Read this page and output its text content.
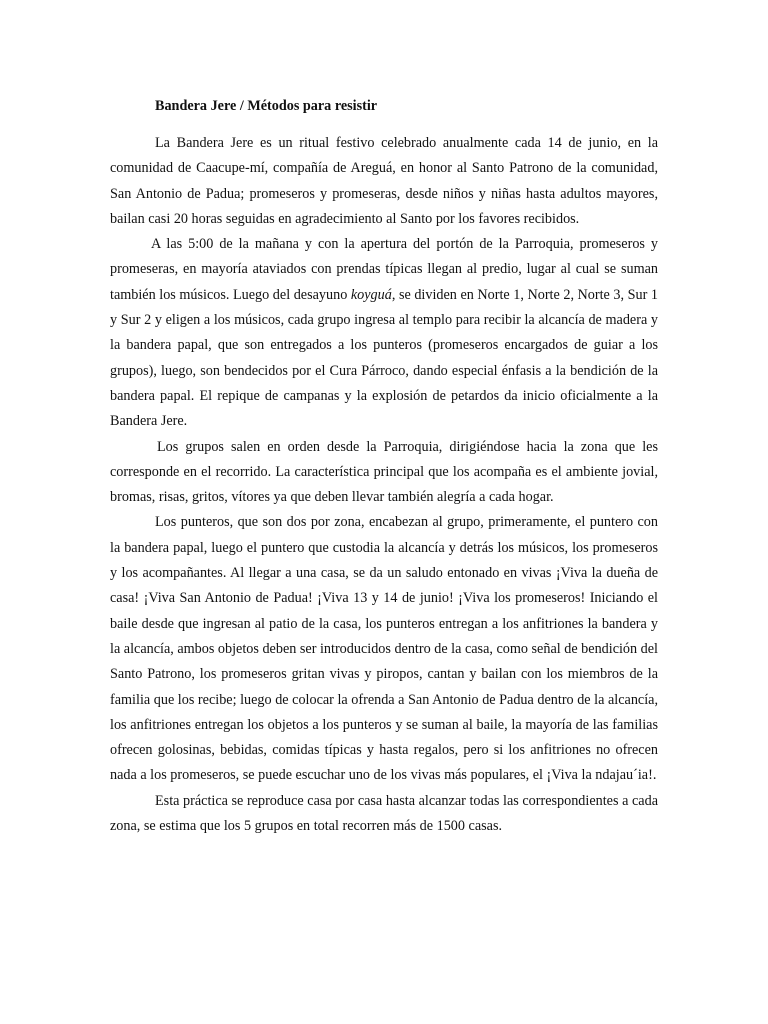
Bandera Jere / Métodos para resistir

La Bandera Jere es un ritual festivo celebrado anualmente cada 14 de junio, en la comunidad de Caacupe-mí, compañía de Areguá, en honor al Santo Patrono de la comunidad, San Antonio de Padua; promeseros y promeseras, desde niños y niñas hasta adultos mayores, bailan casi 20 horas seguidas en agradecimiento al Santo por los favores recibidos.

A las 5:00 de la mañana y con la apertura del portón de la Parroquia, promeseros y promeseras, en mayoría ataviados con prendas típicas llegan al predio, lugar al cual se suman también los músicos. Luego del desayuno koyguá, se dividen en Norte 1, Norte 2, Norte 3, Sur 1 y Sur 2 y eligen a los músicos, cada grupo ingresa al templo para recibir la alcancía de madera y la bandera papal, que son entregados a los punteros (promeseros encargados de guiar a los grupos), luego, son bendecidos por el Cura Párroco, dando especial énfasis a la bendición de la bandera papal. El repique de campanas y la explosión de petardos da inicio oficialmente a la Bandera Jere.

Los grupos salen en orden desde la Parroquia, dirigiéndose hacia la zona que les corresponde en el recorrido. La característica principal que los acompaña es el ambiente jovial, bromas, risas, gritos, vítores ya que deben llevar también alegría a cada hogar.

Los punteros, que son dos por zona, encabezan al grupo, primeramente, el puntero con la bandera papal, luego el puntero que custodia la alcancía y detrás los músicos, los promeseros y los acompañantes. Al llegar a una casa, se da un saludo entonado en vivas ¡Viva la dueña de casa! ¡Viva San Antonio de Padua! ¡Viva 13 y 14 de junio! ¡Viva los promeseros! Iniciando el baile desde que ingresan al patio de la casa, los punteros entregan a los anfitriones la bandera y la alcancía, ambos objetos deben ser introducidos dentro de la casa, como señal de bendición del Santo Patrono, los promeseros gritan vivas y piropos, cantan y bailan con los miembros de la familia que los recibe; luego de colocar la ofrenda a San Antonio de Padua dentro de la alcancía, los anfitriones entregan los objetos a los punteros y se suman al baile, la mayoría de las familias ofrecen golosinas, bebidas, comidas típicas y hasta regalos, pero si los anfitriones no ofrecen nada a los promeseros, se puede escuchar uno de los vivas más populares, el ¡Viva la ndajau´ia!.

Esta práctica se reproduce casa por casa hasta alcanzar todas las correspondientes a cada zona, se estima que los 5 grupos en total recorren más de 1500 casas.
